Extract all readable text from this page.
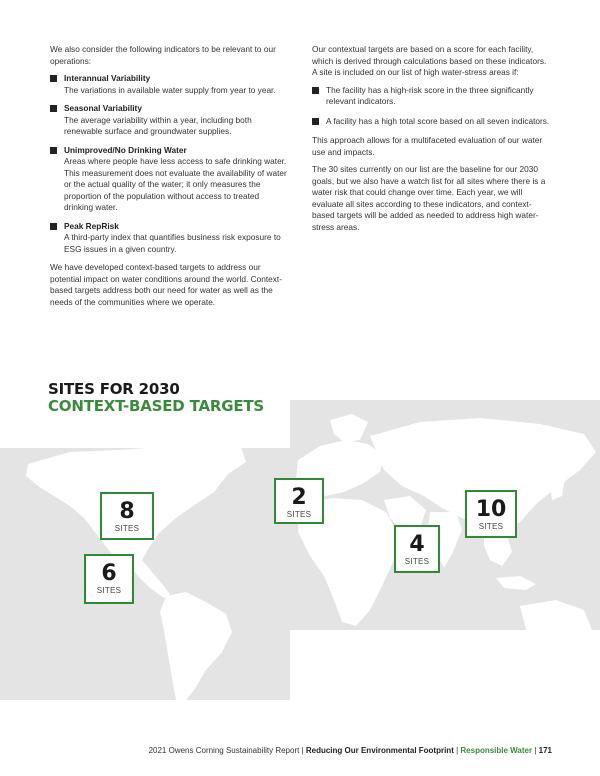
We also consider the following indicators to be relevant to our operations:

Interannual Variability
The variations in available water supply from year to year.
Seasonal Variability
The average variability within a year, including both renewable surface and groundwater supplies.
Unimproved/No Drinking Water
Areas where people have less access to safe drinking water. This measurement does not evaluate the availability of water or the actual quality of the water; it only measures the proportion of the population without access to treated drinking water.
Peak RepRisk
A third-party index that quantifies business risk exposure to ESG issues in a given country.

We have developed context-based targets to address our potential impact on water conditions around the world. Context-based targets address both our need for water as well as the needs of the communities where we operate.

Our contextual targets are based on a score for each facility, which is derived through calculations based on these indicators. A site is included on our list of high water-stress areas if:

The facility has a high-risk score in the three significantly relevant indicators.
A facility has a high total score based on all seven indicators.

This approach allows for a multifaceted evaluation of our water use and impacts.

The 30 sites currently on our list are the baseline for our 2030 goals, but we also have a watch list for all sites where there is a water risk that could change over time. Each year, we will evaluate all sites according to these indicators, and context-based targets will be added as needed to address high water-stress areas.

SITES FOR 2030
CONTEXT-BASED TARGETS
8
SITES
6
SITES
2
SITES
4
SITES
10
SITES
2021 Owens Corning Sustainability Report | Reducing Our Environmental Footprint | Responsible Water | 171
